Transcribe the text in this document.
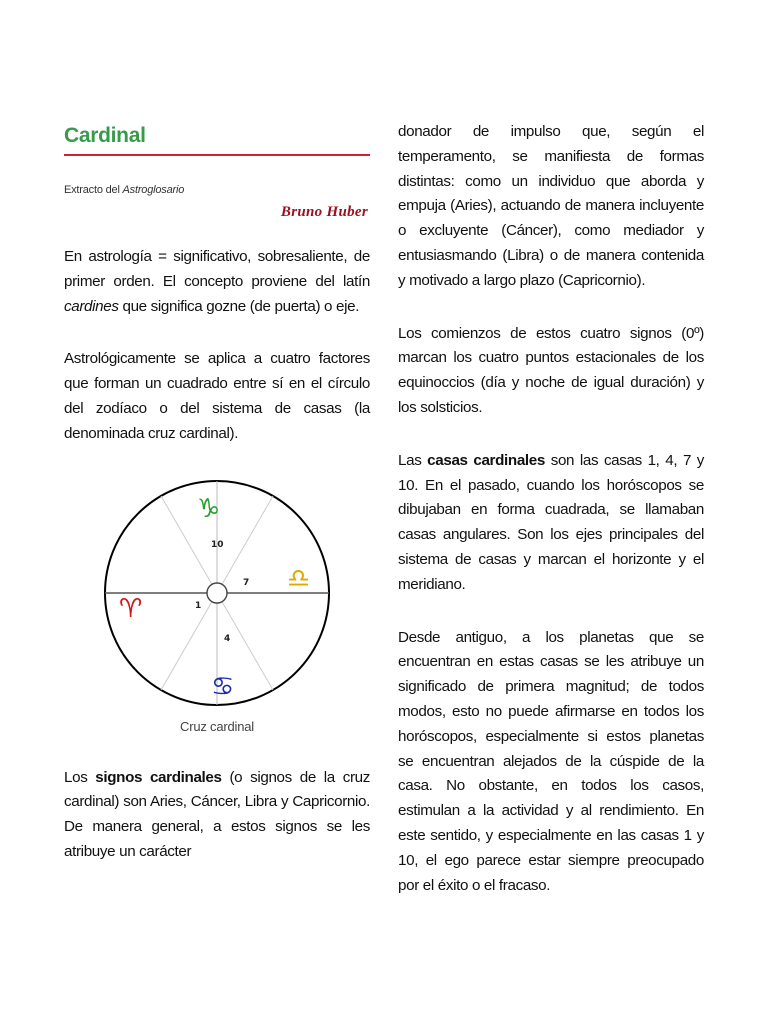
Cardinal

Extracto del Astroglosario

Bruno Huber

En astrología = significativo, sobresaliente, de primer orden. El concepto proviene del latín cardines que significa gozne (de puerta) o eje.

Astrológicamente se aplica a cuatro factores que forman un cuadrado entre sí en el círculo del zodíaco o del sistema de casas (la denominada cruz cardinal).

10
7
1
4
♑
♎
♈
♋
Cruz cardinal

Los signos cardinales (o signos de la cruz cardinal) son Aries, Cáncer, Libra y Capricornio. De manera general, a estos signos se les atribuye un carácter

donador de impulso que, según el temperamento, se manifiesta de formas distintas: como un individuo que aborda y empuja (Aries), actuando de manera incluyente o excluyente (Cáncer), como mediador y entusiasmando (Libra) o de manera contenida y motivado a largo plazo (Capricornio).

Los comienzos de estos cuatro signos (0º) marcan los cuatro puntos estacionales de los equinoccios (día y noche de igual duración) y los solsticios.

Las casas cardinales son las casas 1, 4, 7 y 10. En el pasado, cuando los horóscopos se dibujaban en forma cuadrada, se llamaban casas angulares. Son los ejes principales del sistema de casas y marcan el horizonte y el meridiano.

Desde antiguo, a los planetas que se encuentran en estas casas se les atribuye un significado de primera magnitud; de todos modos, esto no puede afirmarse en todos los horóscopos, especialmente si estos planetas se encuentran alejados de la cúspide de la casa. No obstante, en todos los casos, estimulan a la actividad y al rendimiento. En este sentido, y especialmente en las casas 1 y 10, el ego parece estar siempre preocupado por el éxito o el fracaso.
